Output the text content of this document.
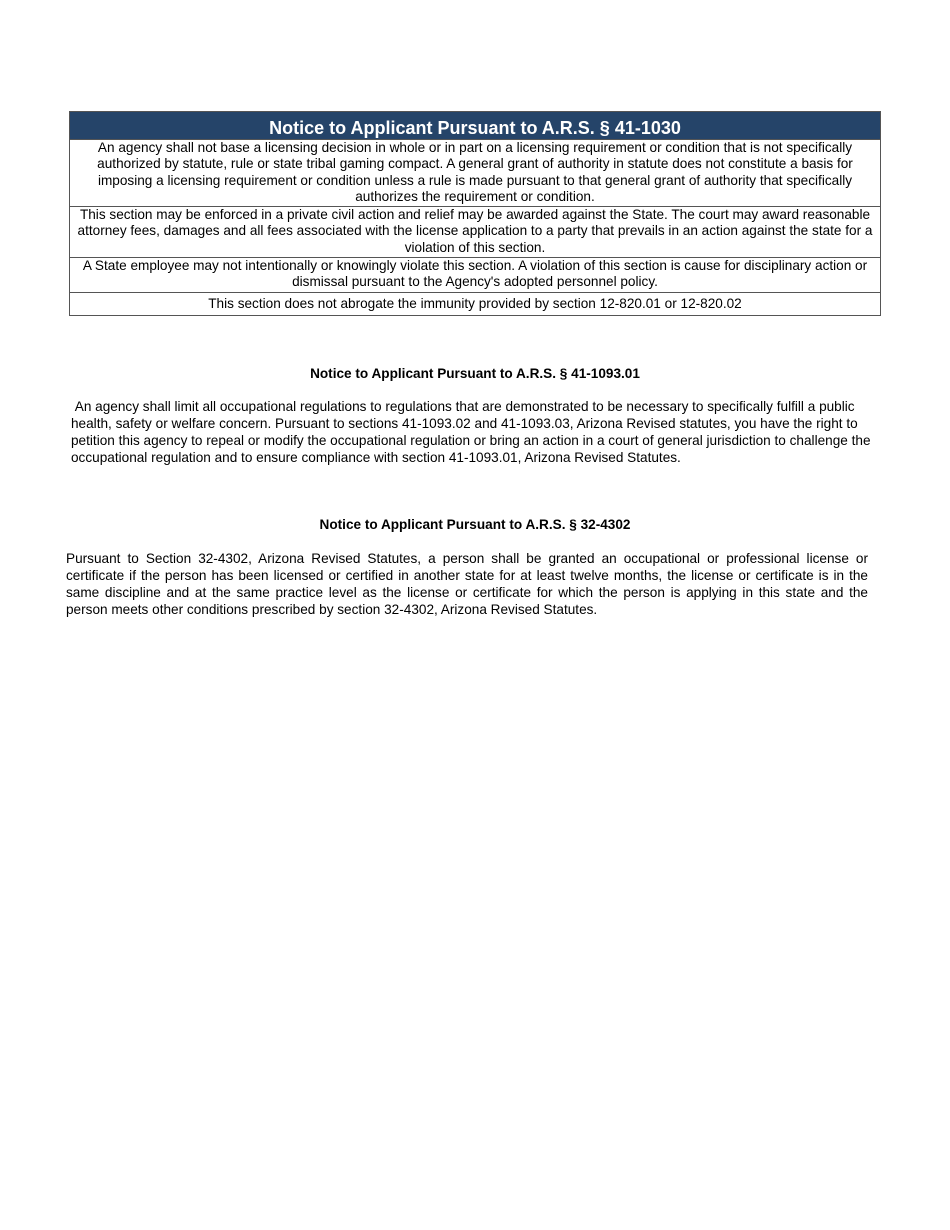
Notice to Applicant Pursuant to A.R.S. § 41-1030
An agency shall not base a licensing decision in whole or in part on a licensing requirement or condition that is not specifically authorized by statute, rule or state tribal gaming compact. A general grant of authority in statute does not constitute a basis for imposing a licensing requirement or condition unless a rule is made pursuant to that general grant of authority that specifically authorizes the requirement or condition.
This section may be enforced in a private civil action and relief may be awarded against the State. The court may award reasonable attorney fees, damages and all fees associated with the license application to a party that prevails in an action against the state for a violation of this section.
A State employee may not intentionally or knowingly violate this section. A violation of this section is cause for disciplinary action or dismissal pursuant to the Agency's adopted personnel policy.
This section does not abrogate the immunity provided by section 12-820.01 or 12-820.02
Notice to Applicant Pursuant to A.R.S. § 41-1093.01
An agency shall limit all occupational regulations to regulations that are demonstrated to be necessary to specifically fulfill a public health, safety or welfare concern. Pursuant to sections 41-1093.02 and 41-1093.03, Arizona Revised statutes, you have the right to petition this agency to repeal or modify the occupational regulation or bring an action in a court of general jurisdiction to challenge the occupational regulation and to ensure compliance with section 41-1093.01, Arizona Revised Statutes.
Notice to Applicant Pursuant to A.R.S. § 32-4302
Pursuant to Section 32-4302, Arizona Revised Statutes, a person shall be granted an occupational or professional license or certificate if the person has been licensed or certified in another state for at least twelve months, the license or certificate is in the same discipline and at the same practice level as the license or certificate for which the person is applying in this state and the person meets other conditions prescribed by section 32-4302, Arizona Revised Statutes.
